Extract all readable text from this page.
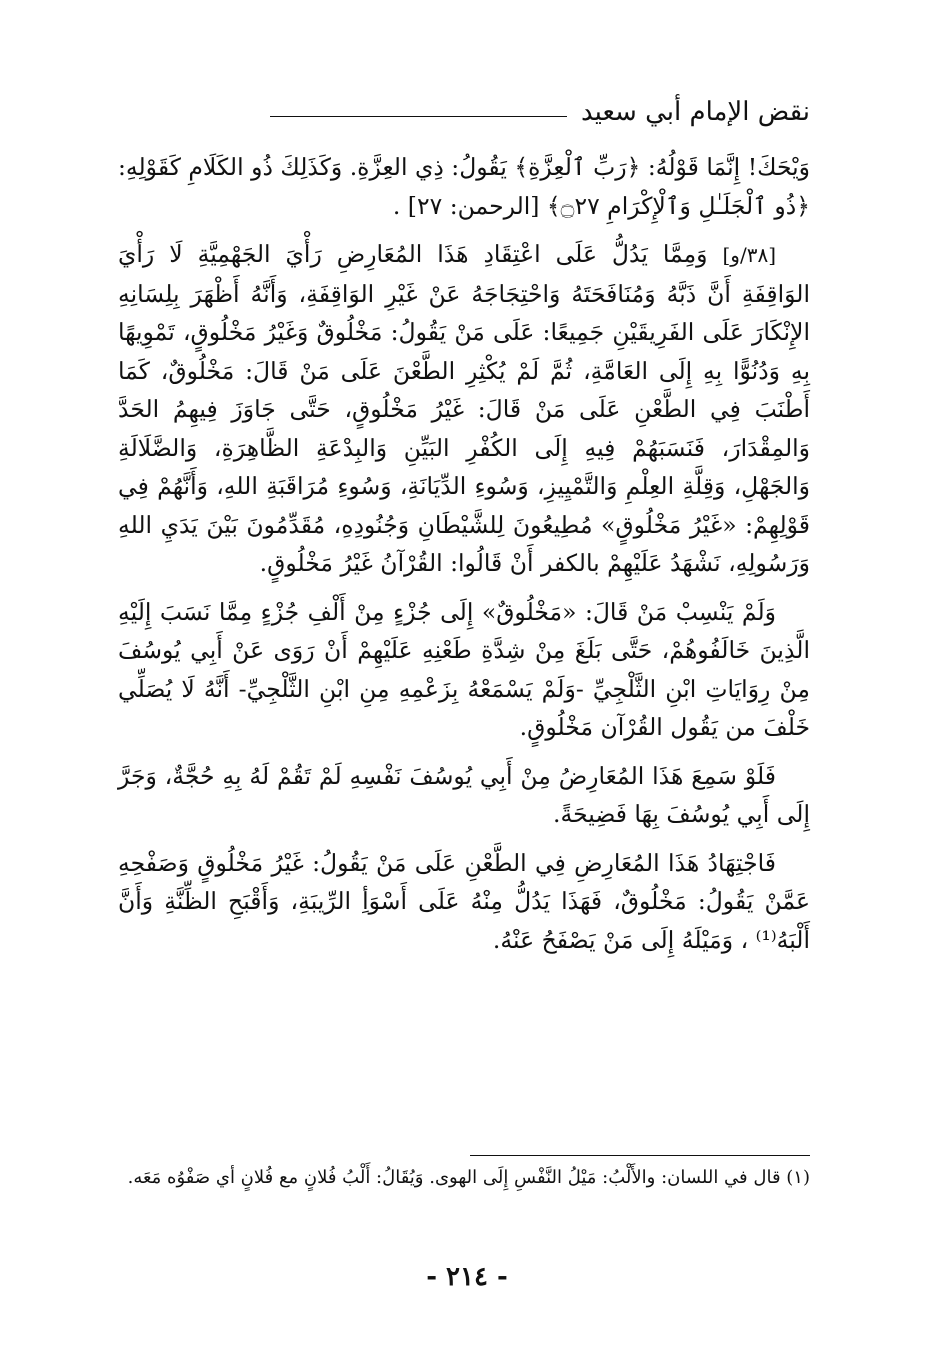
نقض الإمام أبي سعيد

وَيْحَكَ! إِنَّمَا قَوْلُهُ: ﴿رَبِّ ٱلْعِزَّةِ﴾ يَقُولُ: ذِي العِزَّةِ. وَكَذَلِكَ ذُو الكَلَامِ كَقَوْلِهِ: ﴿ذُو ٱلْجَلَـٰلِ وَٱلْإِكْرَامِ ۝٢٧﴾ [الرحمن: ٢٧] .

[٣٨/و] وَمِمَّا يَدُلُّ عَلَى اعْتِقَادِ هَذَا المُعَارِضِ رَأْيَ الجَهْمِيَّةِ لَا رَأْيَ الوَاقِفَةِ أَنَّ ذَبَّهُ وَمُنَافَحَتَهُ وَاحْتِجَاجَهُ عَنْ غَيْرِ الوَاقِفَةِ، وَأَنَّهُ أَظْهَرَ بِلِسَانِهِ الإِنْكَارَ عَلَى الفَرِيقَيْنِ جَمِيعًا: عَلَى مَنْ يَقُولُ: مَخْلُوقٌ وَغَيْرُ مَخْلُوقٍ، تَمْوِيهًا بِهِ وَدُنُوًّا بِهِ إِلَى العَامَّةِ، ثُمَّ لَمْ يُكْثِرِ الطَّعْنَ عَلَى مَنْ قَالَ: مَخْلُوقٌ، كَمَا أَطْنَبَ فِي الطَّعْنِ عَلَى مَنْ قَالَ: غَيْرُ مَخْلُوقٍ، حَتَّى جَاوَزَ فِيهِمُ الحَدَّ وَالمِقْدَارَ، فَنَسَبَهُمْ فِيهِ إِلَى الكُفْرِ البَيِّنِ وَالبِدْعَةِ الظَّاهِرَةِ، وَالضَّلَالَةِ وَالجَهْلِ، وَقِلَّةِ العِلْمِ وَالتَّمْيِيزِ، وَسُوءِ الدِّيَانَةِ، وَسُوءِ مُرَاقَبَةِ اللهِ، وَأَنَّهُمْ فِي قَوْلِهِمْ: «غَيْرُ مَخْلُوقٍ» مُطِيعُونَ لِلشَّيْطَانِ وَجُنُودِهِ، مُقَدِّمُونَ بَيْنَ يَدَيِ اللهِ وَرَسُولِهِ، نَشْهَدُ عَلَيْهِمْ بالكفر أَنْ قَالُوا: القُرْآنُ غَيْرُ مَخْلُوقٍ.

وَلَمْ يَنْسِبْ مَنْ قَالَ: «مَخْلُوقٌ» إِلَى جُزْءٍ مِنْ أَلْفِ جُزْءٍ مِمَّا نَسَبَ إِلَيْهِ الَّذِينَ خَالَفُوهُمْ، حَتَّى بَلَغَ مِنْ شِدَّةِ طَعْنِهِ عَلَيْهِمْ أَنْ رَوَى عَنْ أَبِي يُوسُفَ مِنْ رِوَايَاتِ ابْنِ الثَّلْجِيِّ -وَلَمْ يَسْمَعْهُ بِزَعْمِهِ مِنِ ابْنِ الثَّلْجِيِّ- أَنَّهُ لَا يُصَلِّي خَلْفَ من يَقُول القُرْآن مَخْلُوقٍ.

فَلَوْ سَمِعَ هَذَا المُعَارِضُ مِنْ أَبِي يُوسُفَ نَفْسِهِ لَمْ تَقُمْ لَهُ بِهِ حُجَّةٌ، وَجَرَّ إِلَى أَبِي يُوسُفَ بِهَا فَضِيحَةً.

فَاجْتِهَادُ هَذَا المُعَارِضِ فِي الطَّعْنِ عَلَى مَنْ يَقُولُ: غَيْرُ مَخْلُوقٍ وَصَفْحِهِ عَمَّنْ يَقُولُ: مَخْلُوقٌ، فَهَذَا يَدُلُّ مِنْهُ عَلَى أَسْوَأِ الرِّيبَةِ، وَأَقْبَحِ الظِّنَّةِ وَأَنَّ أَلْبَهُ⁽¹⁾ ، وَمَيْلَهُ إِلَى مَنْ يَصْفَحُ عَنْهُ.

(١) قال في اللسان: والأَلْبُ: مَيْلُ النَّفْسِ إِلَى الهوى. وَيُقَالُ: أَلْبُ فُلانٍ مع فُلانٍ أي صَفْوُه مَعَه.
- ٢١٤ -
